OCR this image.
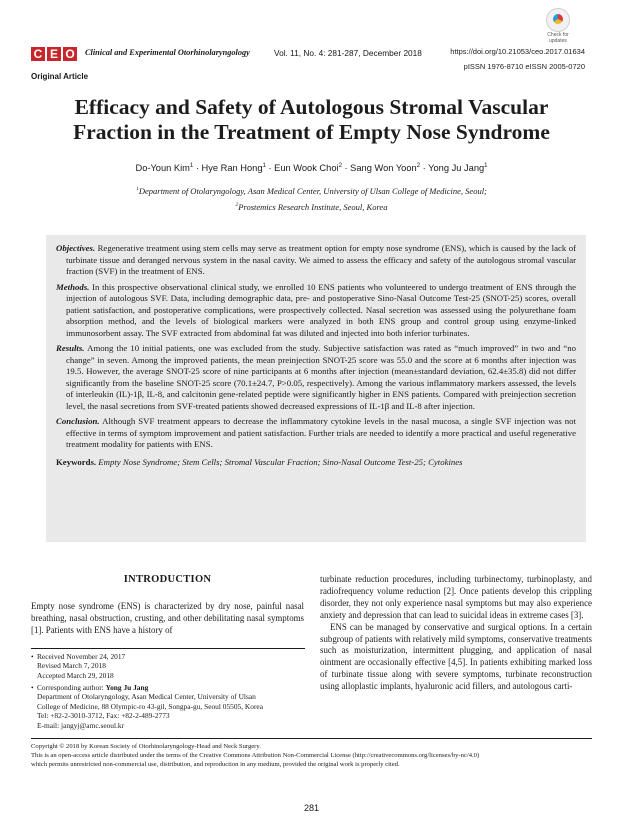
Check for updates
C E O Clinical and Experimental Otorhinolaryngology	Vol. 11, No. 4: 281-287, December 2018	https://doi.org/10.21053/ceo.2017.01634
pISSN 1976-8710 eISSN 2005-0720
Original Article
Efficacy and Safety of Autologous Stromal Vascular
Fraction in the Treatment of Empty Nose Syndrome
Do-Youn Kim$^1$ · Hye Ran Hong$^1$ · Eun Wook Choi$^2$ · Sang Won Yoon$^2$ · Yong Ju Jang$^1$
$^1$Department of Otolaryngology, Asan Medical Center, University of Ulsan College of Medicine, Seoul;
$^2$Prostemics Research Institute, Seoul, Korea

Objectives. Regenerative treatment using stem cells may serve as treatment option for empty nose syndrome (ENS), which is caused by the lack of turbinate tissue and deranged nervous system in the nasal cavity. We aimed to assess the efficacy and safety of the autologous stromal vascular fraction (SVF) in the treatment of ENS.

Methods. In this prospective observational clinical study, we enrolled 10 ENS patients who volunteered to undergo treatment of ENS through the injection of autologous SVF. Data, including demographic data, pre- and postoperative Sino-Nasal Outcome Test-25 (SNOT-25) scores, overall patient satisfaction, and postoperative complications, were prospectively collected. Nasal secretion was assessed using the polyurethane foam absorption method, and the levels of biological markers were analyzed in both ENS group and control group using enzyme-linked immunosorbent assay. The SVF extracted from abdominal fat was diluted and injected into both inferior turbinates.

Results. Among the 10 initial patients, one was excluded from the study. Subjective satisfaction was rated as “much improved” in two and “no change” in seven. Among the improved patients, the mean preinjection SNOT-25 score was 55.0 and the score at 6 months after injection was 19.5. However, the average SNOT-25 score of nine participants at 6 months after injection (mean±standard deviation, 62.4±35.8) did not differ significantly from the baseline SNOT-25 score (70.1±24.7, P>0.05, respectively). Among the various inflammatory markers assessed, the levels of interleukin (IL)-1β, IL-8, and calcitonin gene-related peptide were significantly higher in ENS patients. Compared with preinjection secretion level, the nasal secretions from SVF-treated patients showed decreased expressions of IL-1β and IL-8 after injection.

Conclusion. Although SVF treatment appears to decrease the inflammatory cytokine levels in the nasal mucosa, a single SVF injection was not effective in terms of symptom improvement and patient satisfaction. Further trials are needed to identify a more practical and useful regenerative treatment modality for patients with ENS.

Keywords. Empty Nose Syndrome; Stem Cells; Stromal Vascular Fraction; Sino-Nasal Outcome Test-25; Cytokines

INTRODUCTION

Empty nose syndrome (ENS) is characterized by dry nose, painful nasal breathing, nasal obstruction, crusting, and other debilitating nasal symptoms [1]. Patients with ENS have a history of

turbinate reduction procedures, including turbinectomy, turbinoplasty, and radiofrequency volume reduction [2]. Once patients develop this crippling disorder, they not only experience nasal symptoms but may also experience anxiety and depression that can lead to suicidal ideas in extreme cases [3].

ENS can be managed by conservative and surgical options. In a certain subgroup of patients with relatively mild symptoms, conservative treatments such as moisturization, intermittent plugging, and application of nasal ointment are occasionally effective [4,5]. In patients exhibiting marked loss of turbinate tissue along with severe symptoms, turbinate reconstruction using alloplastic implants, hyaluronic acid fillers, and autologous carti-

• Received November 24, 2017
Revised March 7, 2018
Accepted March 29, 2018
• Corresponding author: Yong Ju Jang
Department of Otolaryngology, Asan Medical Center, University of Ulsan
College of Medicine, 88 Olympic-ro 43-gil, Songpa-gu, Seoul 05505, Korea
Tel: +82-2-3010-3712, Fax: +82-2-489-2773
E-mail: jangyj@amc.seoul.kr
Copyright © 2018 by Korean Society of Otorhinolaryngology-Head and Neck Surgery.
This is an open-access article distributed under the terms of the Creative Commons Attribution Non-Commercial License (http://creativecommons.org/licenses/by-nc/4.0)
which permits unrestricted non-commercial use, distribution, and reproduction in any medium, provided the original work is properly cited.
281
